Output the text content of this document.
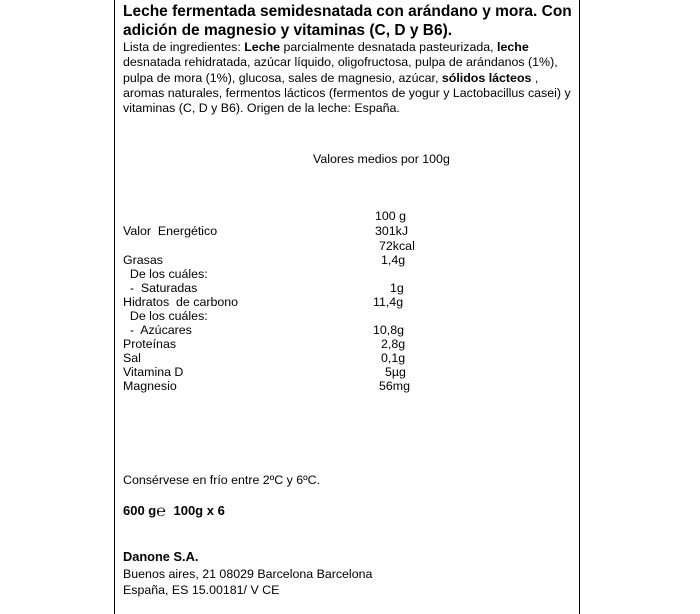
Leche fermentada semidesnatada con arándano y mora. Con
adición de magnesio y vitaminas (C, D y B6).
Lista de ingredientes: Leche parcialmente desnatada pasteurizada, leche
desnatada rehidratada, azúcar líquido, oligofructosa, pulpa de arándanos (1%),
pulpa de mora (1%), glucosa, sales de magnesio, azúcar, sólidos lácteos ,
aromas naturales, fermentos lácticos (fermentos de yogur y Lactobacillus casei) y
vitaminas (C, D y B6). Origen de la leche: España.
Valores medios por 100g
100 g
Valor  Energético	301kJ
72kcal
Grasas	1,4g
De los cuáles:
-  Saturadas	1g
Hidratos  de carbono	11,4g
De los cuáles:
-  Azúcares	10,8g
Proteínas	2,8g
Sal	0,1g
Vitamina D	5µg
Magnesio	56mg
Consérvese en frío entre 2ºC y 6ºC.
600 g℮ 100g x 6
Danone S.A.
Buenos aires, 21 08029 Barcelona Barcelona
España, ES 15.00181/ V CE
